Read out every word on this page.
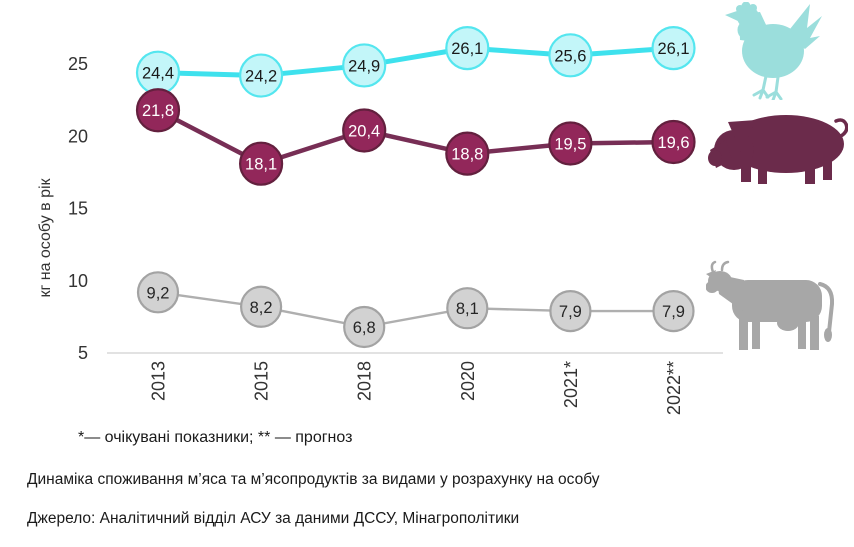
5
10
15
20
25
2013	2015	2018	2020	2021*	2022**
24,4	24,2
24,9
26,1	25,6	26,1
21,8
18,1
20,4
18,8
19,5	19,6
9,2
8,2
6,8
8,1	7,9	7,9
кг на особу в рік
*— очікувані показники; ** — прогноз
Динаміка споживання м’яса та м’ясопродуктів за видами у розрахунку на особу
Джерело: Аналітичний відділ АСУ за даними ДССУ, Мінагрополітики
